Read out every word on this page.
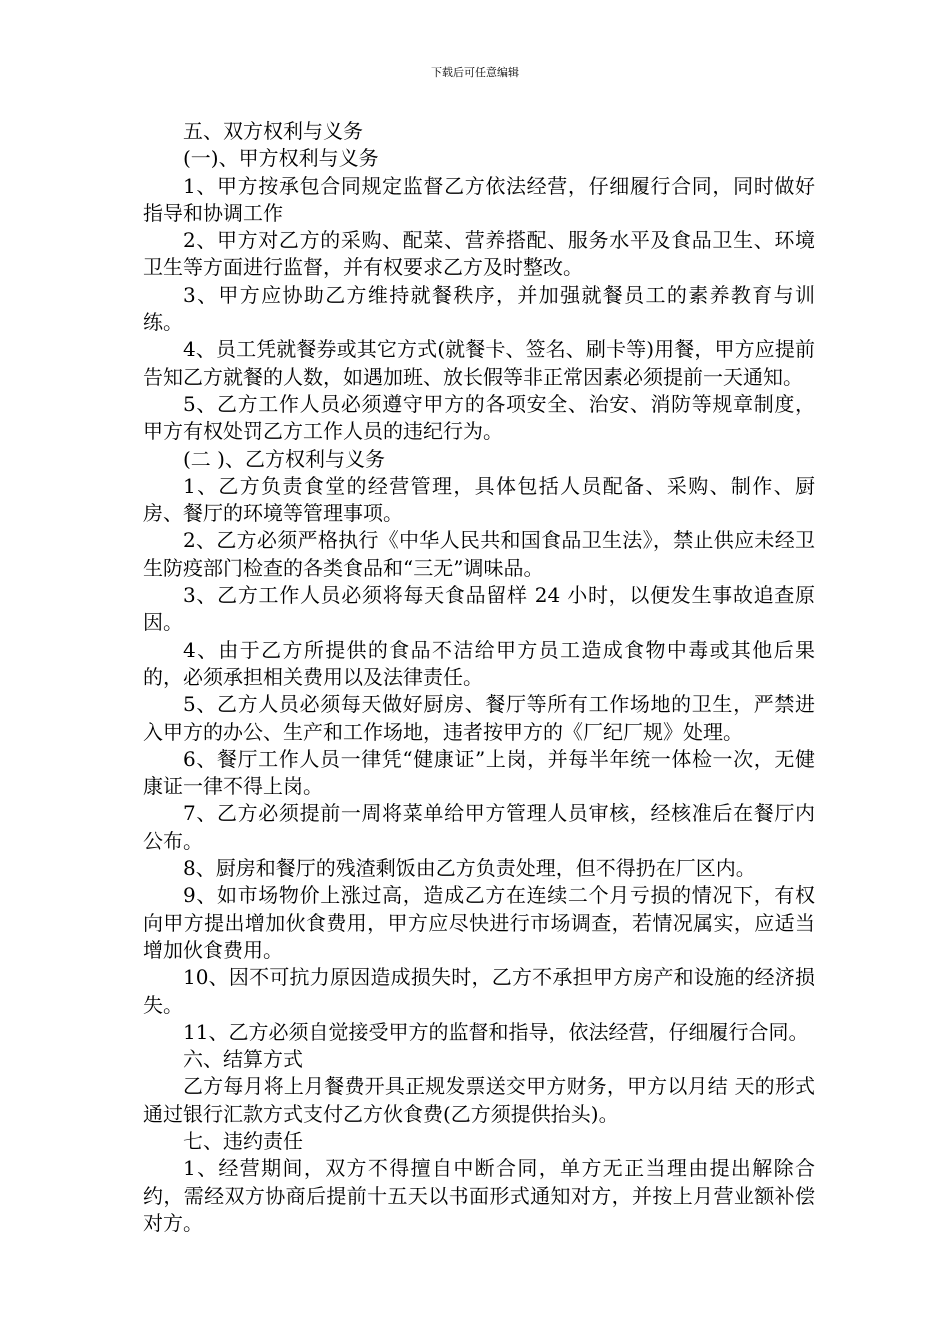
下载后可任意编辑

五、双方权利与义务

(一)、甲方权利与义务

1、甲方按承包合同规定监督乙方依法经营，仔细履行合同，同时做好指导和协调工作

2、甲方对乙方的采购、配菜、营养搭配、服务水平及食品卫生、环境卫生等方面进行监督，并有权要求乙方及时整改。

3、甲方应协助乙方维持就餐秩序，并加强就餐员工的素养教育与训练。

4、员工凭就餐券或其它方式(就餐卡、签名、刷卡等)用餐，甲方应提前告知乙方就餐的人数，如遇加班、放长假等非正常因素必须提前一天通知。

5、乙方工作人员必须遵守甲方的各项安全、治安、消防等规章制度，甲方有权处罚乙方工作人员的违纪行为。

(二 )、乙方权利与义务

1、乙方负责食堂的经营管理，具体包括人员配备、采购、制作、厨房、餐厅的环境等管理事项。

2、乙方必须严格执行《中华人民共和国食品卫生法》，禁止供应未经卫生防疫部门检查的各类食品和“三无”调味品。

3、乙方工作人员必须将每天食品留样 24 小时，以便发生事故追查原因。

4、由于乙方所提供的食品不洁给甲方员工造成食物中毒或其他后果的，必须承担相关费用以及法律责任。

5、乙方人员必须每天做好厨房、餐厅等所有工作场地的卫生，严禁进入甲方的办公、生产和工作场地，违者按甲方的《厂纪厂规》处理。

6、餐厅工作人员一律凭“健康证”上岗，并每半年统一体检一次，无健康证一律不得上岗。

7、乙方必须提前一周将菜单给甲方管理人员审核，经核准后在餐厅内公布。

8、厨房和餐厅的残渣剩饭由乙方负责处理，但不得扔在厂区内。

9、如市场物价上涨过高，造成乙方在连续二个月亏损的情况下，有权向甲方提出增加伙食费用，甲方应尽快进行市场调查，若情况属实，应适当增加伙食费用。

10、因不可抗力原因造成损失时，乙方不承担甲方房产和设施的经济损失。

11、乙方必须自觉接受甲方的监督和指导，依法经营，仔细履行合同。

六、结算方式

乙方每月将上月餐费开具正规发票送交甲方财务，甲方以月结 天的形式通过银行汇款方式支付乙方伙食费(乙方须提供抬头)。

七、违约责任

1、经营期间，双方不得擅自中断合同，单方无正当理由提出解除合约，需经双方协商后提前十五天以书面形式通知对方，并按上月营业额补偿对方。
